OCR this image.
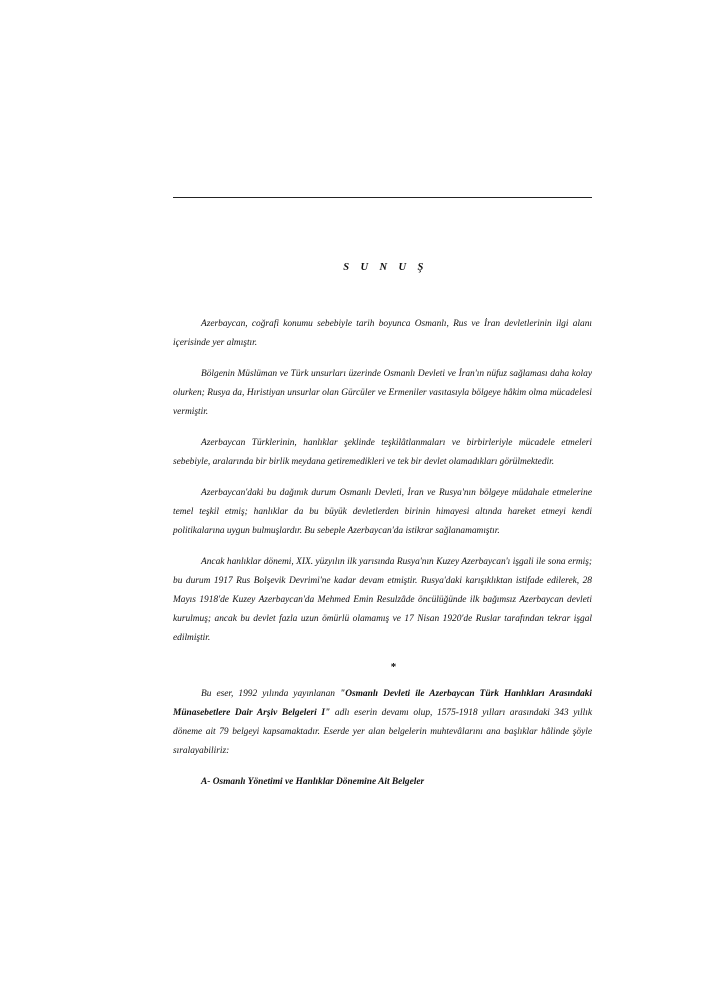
S U N U Ş

Azerbaycan, coğrafi konumu sebebiyle tarih boyunca Osmanlı, Rus ve İran devletlerinin ilgi alanı içerisinde yer almıştır.

Bölgenin Müslüman ve Türk unsurları üzerinde Osmanlı Devleti ve İran'ın nüfuz sağlaması daha kolay olurken; Rusya da, Hıristiyan unsurlar olan Gürcüler ve Ermeniler vasıtasıyla bölgeye hâkim olma mücadelesi vermiştir.

Azerbaycan Türklerinin, hanlıklar şeklinde teşkilâtlanmaları ve birbirleriyle mücadele etmeleri sebebiyle, aralarında bir birlik meydana getiremedikleri ve tek bir devlet olamadıkları görülmektedir.

Azerbaycan'daki bu dağınık durum Osmanlı Devleti, İran ve Rusya'nın bölgeye müdahale etmelerine temel teşkil etmiş; hanlıklar da bu büyük devletlerden birinin himayesi altında hareket etmeyi kendi politikalarına uygun bulmuşlardır. Bu sebeple Azerbaycan'da istikrar sağlanamamıştır.

Ancak hanlıklar dönemi, XIX. yüzyılın ilk yarısında Rusya'nın Kuzey Azerbaycan'ı işgali ile sona ermiş; bu durum 1917 Rus Bolşevik Devrimi'ne kadar devam etmiştir. Rusya'daki karışıklıktan istifade edilerek, 28 Mayıs 1918'de Kuzey Azerbaycan'da Mehmed Emin Resulzâde öncülüğünde ilk bağımsız Azerbaycan devleti kurulmuş; ancak bu devlet fazla uzun ömürlü olamamış ve 17 Nisan 1920'de Ruslar tarafından tekrar işgal edilmiştir.

*

Bu eser, 1992 yılında yayınlanan "Osmanlı Devleti ile Azerbaycan Türk Hanlıkları Arasındaki Münasebetlere Dair Arşiv Belgeleri I" adlı eserin devamı olup, 1575-1918 yılları arasındaki 343 yıllık döneme ait 79 belgeyi kapsamaktadır. Eserde yer alan belgelerin muhtevâlarını ana başlıklar hâlinde şöyle sıralayabiliriz:

A- Osmanlı Yönetimi ve Hanlıklar Dönemine Ait Belgeler
